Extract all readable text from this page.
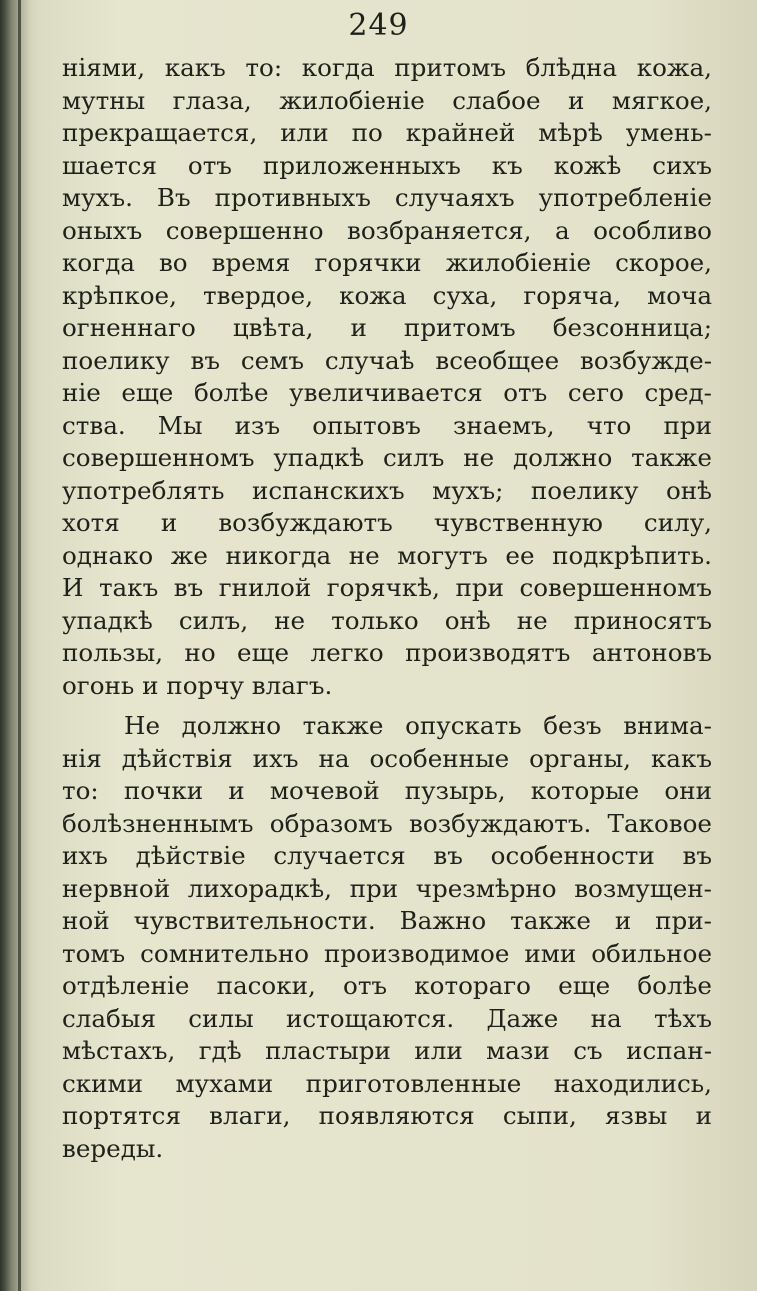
249
ніями, какъ то: когда притомъ блѣдна кожа,
мутны глаза, жилобіеніе слабое и мягкое,
прекращается, или по крайней мѣрѣ умень-
шается отъ приложенныхъ къ кожѣ сихъ
мухъ. Въ противныхъ случаяхъ употребленіе
оныхъ совершенно возбраняется, а особливо
когда во время горячки жилобіеніе скорое,
крѣпкое, твердое, кожа суха, горяча, моча
огненнаго цвѣта, и притомъ безсонница;
поелику въ семъ случаѣ всеобщее возбужде-
ніе еще болѣе увеличивается отъ сего сред-
ства. Мы изъ опытовъ знаемъ, что при
совершенномъ упадкѣ силъ не должно также
употреблять испанскихъ мухъ; поелику онѣ
хотя и возбуждаютъ чувственную силу,
однако же никогда не могутъ ее подкрѣпить.
И такъ въ гнилой горячкѣ, при совершенномъ
упадкѣ силъ, не только онѣ не приносятъ
пользы, но еще легко производятъ антоновъ
огонь и порчу влагъ.
Не должно также опускать безъ внима-
нія дѣйствія ихъ на особенные органы, какъ
то: почки и мочевой пузырь, которые они
болѣзненнымъ образомъ возбуждаютъ. Таковое
ихъ дѣйствіе случается въ особенности въ
нервной лихорадкѣ, при чрезмѣрно возмущен-
ной чувствительности. Важно также и при-
томъ сомнительно производимое ими обильное
отдѣленіе пасоки, отъ котораго еще болѣе
слабыя силы истощаются. Даже на тѣхъ
мѣстахъ, гдѣ пластыри или мази съ испан-
скими мухами приготовленные находились,
портятся влаги, появляются сыпи, язвы и
вереды.
